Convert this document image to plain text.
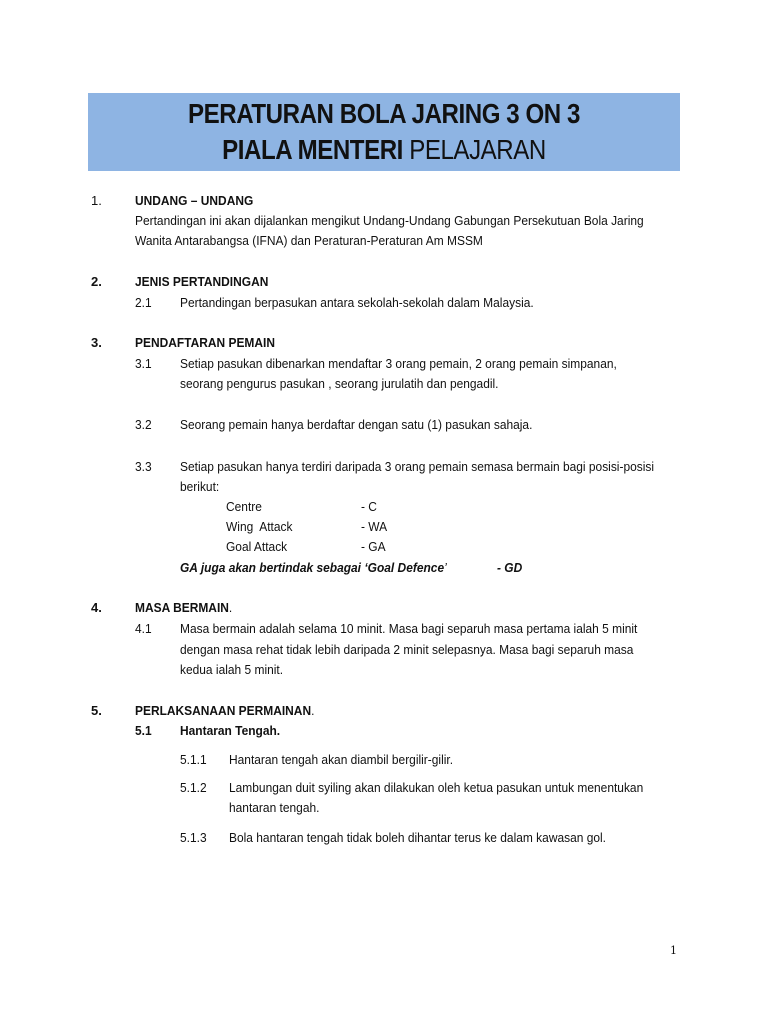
PERATURAN BOLA JARING 3 ON 3
PIALA MENTERI PELAJARAN
1.	UNDANG – UNDANG
Pertandingan ini akan dijalankan mengikut Undang-Undang Gabungan Persekutuan Bola Jaring
Wanita Antarabangsa (IFNA) dan Peraturan-Peraturan Am MSSM
2.	JENIS PERTANDINGAN
2.1 Pertandingan berpasukan antara sekolah-sekolah dalam Malaysia.
3.	PENDAFTARAN PEMAIN
3.1 Setiap pasukan dibenarkan mendaftar 3 orang pemain, 2 orang pemain simpanan,
seorang pengurus pasukan , seorang jurulatih dan pengadil.
3.2 Seorang pemain hanya berdaftar dengan satu (1) pasukan sahaja.
3.3 Setiap pasukan hanya terdiri daripada 3 orang pemain semasa bermain bagi posisi-posisi
berikut:
Centre	- C
Wing  Attack	- WA
Goal Attack	- GA
GA juga akan bertindak sebagai ‘Goal Defence’	- GD
4.	MASA BERMAIN.
4.1 Masa bermain adalah selama 10 minit. Masa bagi separuh masa pertama ialah 5 minit
dengan masa rehat tidak lebih daripada 2 minit selepasnya. Masa bagi separuh masa
kedua ialah 5 minit.
5.	PERLAKSANAAN PERMAINAN.
5.1 Hantaran Tengah.
5.1.1 Hantaran tengah akan diambil bergilir-gilir.
5.1.2 Lambungan duit syiling akan dilakukan oleh ketua pasukan untuk menentukan
hantaran tengah.
5.1.3 Bola hantaran tengah tidak boleh dihantar terus ke dalam kawasan gol.
1
